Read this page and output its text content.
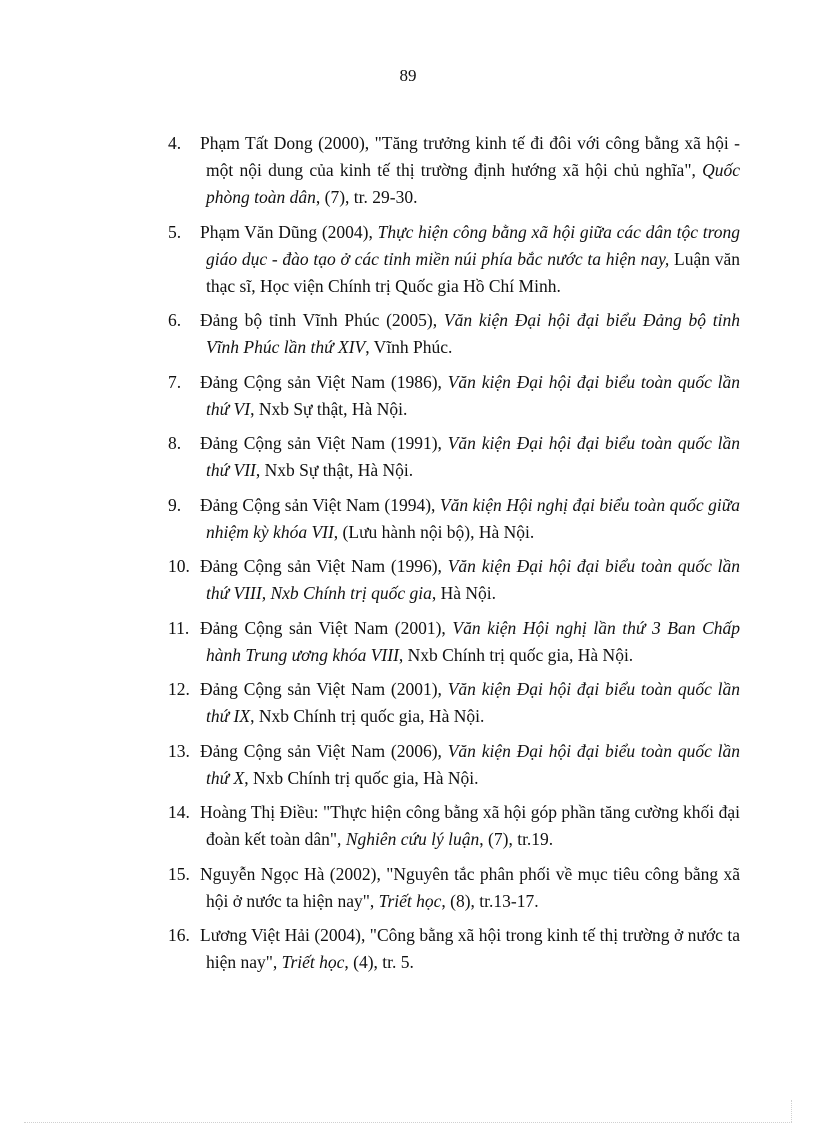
89
4. Phạm Tất Dong (2000), "Tăng trưởng kinh tế đi đôi với công bằng xã hội - một nội dung của kinh tế thị trường định hướng xã hội chủ nghĩa", Quốc phòng toàn dân, (7), tr. 29-30.
5. Phạm Văn Dũng (2004), Thực hiện công bằng xã hội giữa các dân tộc trong giáo dục - đào tạo ở các tỉnh miền núi phía bắc nước ta hiện nay, Luận văn thạc sĩ, Học viện Chính trị Quốc gia Hồ Chí Minh.
6. Đảng bộ tỉnh Vĩnh Phúc (2005), Văn kiện Đại hội đại biểu Đảng bộ tỉnh Vĩnh Phúc lần thứ XIV, Vĩnh Phúc.
7. Đảng Cộng sản Việt Nam (1986), Văn kiện Đại hội đại biểu toàn quốc lần thứ VI, Nxb Sự thật, Hà Nội.
8. Đảng Cộng sản Việt Nam (1991), Văn kiện Đại hội đại biểu toàn quốc lần thứ VII, Nxb Sự thật, Hà Nội.
9. Đảng Cộng sản Việt Nam (1994), Văn kiện Hội nghị đại biểu toàn quốc giữa nhiệm kỳ khóa VII, (Lưu hành nội bộ), Hà Nội.
10. Đảng Cộng sản Việt Nam (1996), Văn kiện Đại hội đại biểu toàn quốc lần thứ VIII, Nxb Chính trị quốc gia, Hà Nội.
11. Đảng Cộng sản Việt Nam (2001), Văn kiện Hội nghị lần thứ 3 Ban Chấp hành Trung ương khóa VIII, Nxb Chính trị quốc gia, Hà Nội.
12. Đảng Cộng sản Việt Nam (2001), Văn kiện Đại hội đại biểu toàn quốc lần thứ IX, Nxb Chính trị quốc gia, Hà Nội.
13. Đảng Cộng sản Việt Nam (2006), Văn kiện Đại hội đại biểu toàn quốc lần thứ X, Nxb Chính trị quốc gia, Hà Nội.
14. Hoàng Thị Điều: "Thực hiện công bằng xã hội góp phần tăng cường khối đại đoàn kết toàn dân", Nghiên cứu lý luận, (7), tr.19.
15. Nguyễn Ngọc Hà (2002), "Nguyên tắc phân phối về mục tiêu công bằng xã hội ở nước ta hiện nay", Triết học, (8), tr.13-17.
16. Lương Việt Hải (2004), "Công bằng xã hội trong kinh tế thị trường ở nước ta hiện nay", Triết học, (4), tr. 5.
